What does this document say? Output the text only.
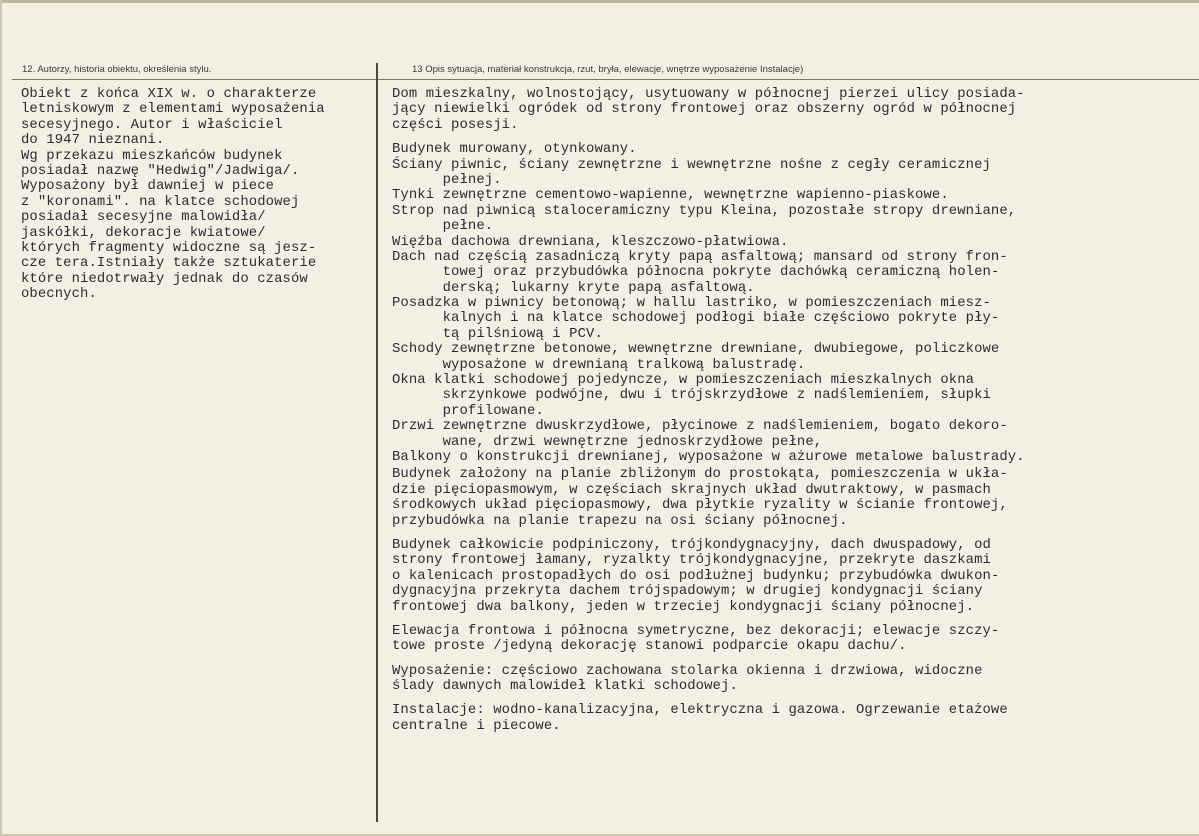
12. Autorzy, historia obiektu, określenia stylu.	13 Opis sytuacja, materiał konstrukcja, rzut, bryła, elewacje, wnętrze wyposażenie Instalacje)
Obiekt z końca XIX w. o charakterze
letniskowym z elementami wyposażenia
secesyjnego. Autor i właściciel
do 1947 nieznani.
Wg przekazu mieszkańców budynek
posiadał nazwę "Hedwig"/Jadwiga/.
Wyposażony był dawniej w piece
z "koronami". na klatce schodowej
posiadał secesyjne malowidła/
jaskółki, dekoracje kwiatowe/
których fragmenty widoczne są jesz-
cze tera.Istniały także sztukaterie
które niedotrwały jednak do czasów
obecnych.
Dom mieszkalny, wolnostojący, usytuowany w północnej pierzei ulicy posiada-
jący niewielki ogródek od strony frontowej oraz obszerny ogród w północnej
części posesji.
Budynek murowany, otynkowany.
Ściany piwnic, ściany zewnętrzne i wewnętrzne nośne z cegły ceramicznej
pełnej.
Tynki zewnętrzne cementowo-wapienne, wewnętrzne wapienno-piaskowe.
Strop nad piwnicą staloceramiczny typu Kleina, pozostałe stropy drewniane,
pełne.
Więźba dachowa drewniana, kleszczowo-płatwiowa.
Dach nad częścią zasadniczą kryty papą asfaltową; mansard od strony fron-
towej oraz przybudówka północna pokryte dachówką ceramiczną holen-
derską; lukarny kryte papą asfaltową.
Posadzka w piwnicy betonową; w hallu lastriko, w pomieszczeniach miesz-
kalnych i na klatce schodowej podłogi białe częściowo pokryte pły-
tą pilśniową i PCV.
Schody zewnętrzne betonowe, wewnętrzne drewniane, dwubiegowe, policzkowe
wyposażone w drewnianą tralkową balustradę.
Okna klatki schodowej pojedyncze, w pomieszczeniach mieszkalnych okna
skrzynkowe podwójne, dwu i trójskrzydłowe z nadślemieniem, słupki
profilowane.
Drzwi zewnętrzne dwuskrzydłowe, płycinowe z nadślemieniem, bogato dekoro-
wane, drzwi wewnętrzne jednoskrzydłowe pełne,
Balkony o konstrukcji drewnianej, wyposażone w ażurowe metalowe balustrady.
Budynek założony na planie zbliżonym do prostokąta, pomieszczenia w ukła-
dzie pięciopasmowym, w częściach skrajnych układ dwutraktowy, w pasmach
środkowych układ pięciopasmowy, dwa płytkie ryzality w ścianie frontowej,
przybudówka na planie trapezu na osi ściany północnej.
Budynek całkowicie podpiniczony, trójkondygnacyjny, dach dwuspadowy, od
strony frontowej łamany, ryzalkty trójkondygnacyjne, przekryte daszkami
o kalenicach prostopadłych do osi podłużnej budynku; przybudówka dwukon-
dygnacyjna przekryta dachem trójspadowym; w drugiej kondygnacji ściany
frontowej dwa balkony, jeden w trzeciej kondygnacji ściany północnej.
Elewacja frontowa i północna symetryczne, bez dekoracji; elewacje szczy-
towe proste /jedyną dekorację stanowi podparcie okapu dachu/.
Wyposażenie: częściowo zachowana stolarka okienna i drzwiowa, widoczne
ślady dawnych malowideł klatki schodowej.
Instalacje: wodno-kanalizacyjna, elektryczna i gazowa. Ogrzewanie etażowe
centralne i piecowe.
